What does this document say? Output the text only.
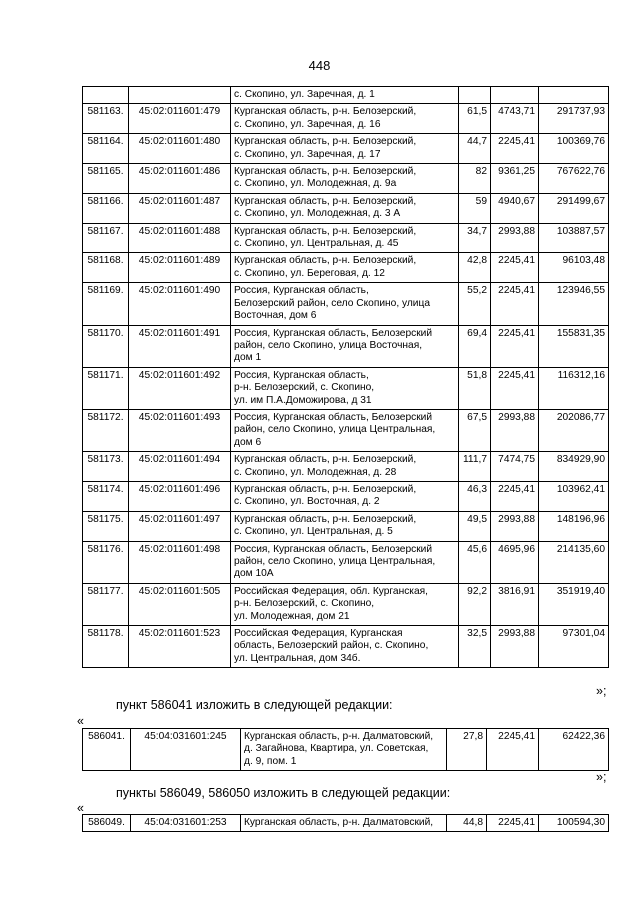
448

		с. Скопино, ул. Заречная, д. 1			

581163.	45:02:011601:479	Курганская область, р-н. Белозерский,
с. Скопино, ул. Заречная, д. 16	61,5	4743,71	291737,93
581164.	45:02:011601:480	Курганская область, р-н. Белозерский,
с. Скопино, ул. Заречная, д. 17	44,7	2245,41	100369,76
581165.	45:02:011601:486	Курганская область, р-н. Белозерский,
с. Скопино, ул. Молодежная, д. 9а	82	9361,25	767622,76
581166.	45:02:011601:487	Курганская область, р-н. Белозерский,
с. Скопино, ул. Молодежная, д. 3 А	59	4940,67	291499,67
581167.	45:02:011601:488	Курганская область, р-н. Белозерский,
с. Скопино, ул. Центральная, д. 45	34,7	2993,88	103887,57
581168.	45:02:011601:489	Курганская область, р-н. Белозерский,
с. Скопино, ул. Береговая, д. 12	42,8	2245,41	96103,48
581169.	45:02:011601:490	Россия, Курганская область,
Белозерский район, село Скопино, улица
Восточная, дом 6	55,2	2245,41	123946,55
581170.	45:02:011601:491	Россия, Курганская область, Белозерский
район, село Скопино, улица Восточная,
дом 1	69,4	2245,41	155831,35
581171.	45:02:011601:492	Россия, Курганская область,
р-н. Белозерский, с. Скопино,
ул. им П.А.Доможирова, д 31	51,8	2245,41	116312,16
581172.	45:02:011601:493	Россия, Курганская область, Белозерский
район, село Скопино, улица Центральная,
дом 6	67,5	2993,88	202086,77
581173.	45:02:011601:494	Курганская область, р-н. Белозерский,
с. Скопино, ул. Молодежная, д. 28	111,7	7474,75	834929,90
581174.	45:02:011601:496	Курганская область, р-н. Белозерский,
с. Скопино, ул. Восточная, д. 2	46,3	2245,41	103962,41
581175.	45:02:011601:497	Курганская область, р-н. Белозерский,
с. Скопино, ул. Центральная, д. 5	49,5	2993,88	148196,96
581176.	45:02:011601:498	Россия, Курганская область, Белозерский
район, село Скопино, улица Центральная,
дом 10А	45,6	4695,96	214135,60
581177.	45:02:011601:505	Российская Федерация, обл. Курганская,
р-н. Белозерский, с. Скопино,
ул. Молодежная, дом 21	92,2	3816,91	351919,40
581178.	45:02:011601:523	Российская Федерация, Курганская
область, Белозерский район, с. Скопино,
ул. Центральная, дом 34б.	32,5	2993,88	97301,04
»;
пункт 586041 изложить в следующей редакции:
«
586041.	45:04:031601:245	Курганская область, р-н. Далматовский,
д. Загайнова, Квартира, ул. Советская,
д. 9, пом. 1
	27,8	2245,41	62422,36
»;
пункты 586049, 586050 изложить в следующей редакции:
«
586049.	45:04:031601:253	Курганская область, р-н. Далматовский,	44,8	2245,41	100594,30
